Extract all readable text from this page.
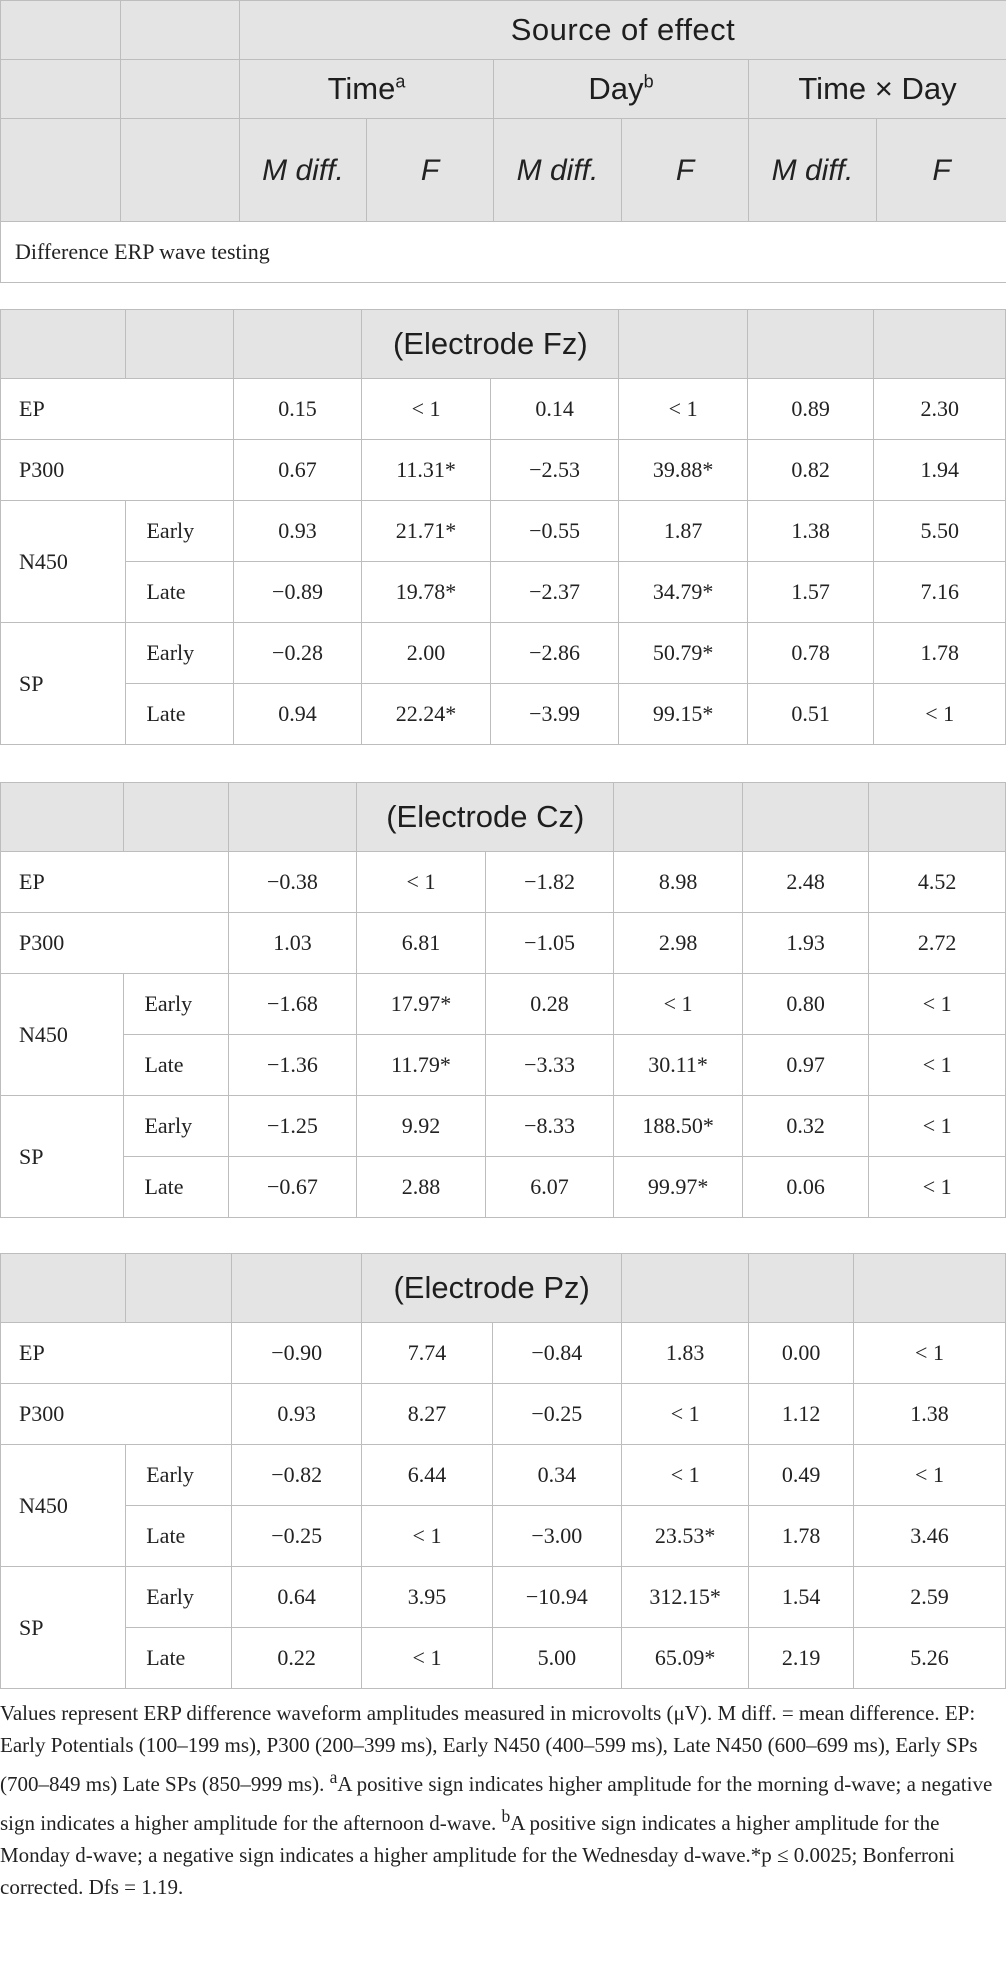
		Source of effect					
		Time$^a$		Day$^b$		Time × Day	
		M diff.	F	M diff.	F	M diff.	F
Difference ERP wave testing							
			(Electrode Fz)				
EP		0.15	< 1	0.14	< 1	0.89	2.30
P300		0.67	11.31*	−2.53	39.88*	0.82	1.94
N450	Early	0.93	21.71*	−0.55	1.87	1.38	5.50
	Late	−0.89	19.78*	−2.37	34.79*	1.57	7.16
SP	Early	−0.28	2.00	−2.86	50.79*	0.78	1.78
	Late	0.94	22.24*	−3.99	99.15*	0.51	< 1
			(Electrode Cz)				
EP		−0.38	< 1	−1.82	8.98	2.48	4.52
P300		1.03	6.81	−1.05	2.98	1.93	2.72
N450	Early	−1.68	17.97*	0.28	< 1	0.80	< 1
	Late	−1.36	11.79*	−3.33	30.11*	0.97	< 1
SP	Early	−1.25	9.92	−8.33	188.50*	0.32	< 1
	Late	−0.67	2.88	6.07	99.97*	0.06	< 1
			(Electrode Pz)				
EP		−0.90	7.74	−0.84	1.83	0.00	< 1
P300		0.93	8.27	−0.25	< 1	1.12	1.38
N450	Early	−0.82	6.44	0.34	< 1	0.49	< 1
	Late	−0.25	< 1	−3.00	23.53*	1.78	3.46
SP	Early	0.64	3.95	−10.94	312.15*	1.54	2.59
	Late	0.22	< 1	5.00	65.09*	2.19	5.26

Values represent ERP difference waveform amplitudes measured in microvolts (μV). M diff. = mean difference. EP: Early Potentials (100–199 ms), P300 (200–399 ms), Early N450 (400–599 ms), Late N450 (600–699 ms), Early SPs (700–849 ms) Late SPs (850–999 ms). $^a$A positive sign indicates higher amplitude for the morning d-wave; a negative sign indicates a higher amplitude for the afternoon d-wave. $^b$A positive sign indicates a higher amplitude for the Monday d-wave; a negative sign indicates a higher amplitude for the Wednesday d-wave.*p ≤ 0.0025; Bonferroni corrected. Dfs = 1.19.
